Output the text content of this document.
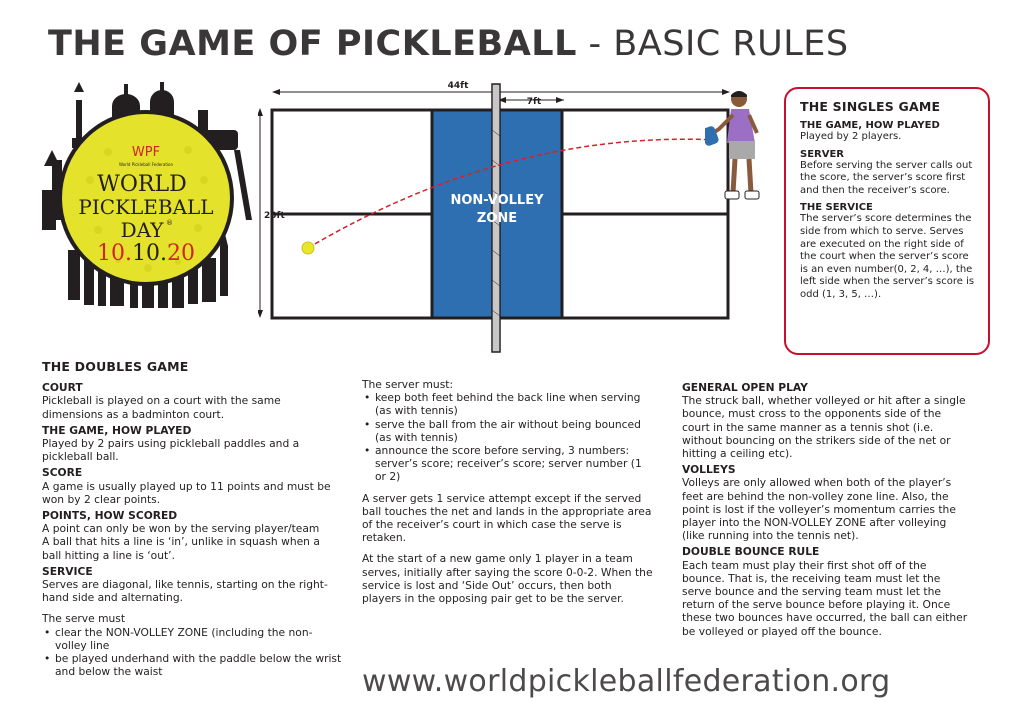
THE GAME OF PICKLEBALL - BASIC RULES
WPF
World Pickleball Federation
WORLD
PICKLEBALL
DAY ®
10.10.20
44ft
7ft
20ft
NON-VOLLEY
ZONE
THE SINGLES GAME
THE GAME, HOW PLAYED

Played by 2 players.

SERVER

Before serving the server calls out the score, the server’s score first and then the receiver’s score.

THE SERVICE

The server’s score determines the side from which to serve. Serves are executed on the right side of the court when the server’s score is an even number(0, 2, 4, …), the left side when the server’s score is odd (1, 3, 5, …).

THE DOUBLES GAME
COURT

Pickleball is played on a court with the same dimensions as a badminton court.

THE GAME, HOW PLAYED

Played by 2 pairs using pickleball paddles and a pickleball ball.

SCORE

A game is usually played up to 11 points and must be won by 2 clear points.

POINTS, HOW SCORED

A point can only be won by the serving player/team

A ball that hits a line is ‘in’, unlike in squash when a ball hitting a line is ‘out’.

SERVICE

Serves are diagonal, like tennis, starting on the right-hand side and alternating.

The serve must

• clear the NON-VOLLEY ZONE (including the non-volley line
• be played underhand with the paddle below the wrist and below the waist

The server must:

• keep both feet behind the back line when serving (as with tennis)
• serve the ball from the air without being bounced (as with tennis)
• announce the score before serving, 3 numbers: server’s score; receiver’s score; server number (1 or 2)

A server gets 1 service attempt except if the served ball touches the net and lands in the appropriate area of the receiver’s court in which case the serve is retaken.

At the start of a new game only 1 player in a team serves, initially after saying the score 0-0-2. When the service is lost and ‘Side Out’ occurs, then both players in the opposing pair get to be the server.

GENERAL OPEN PLAY

The struck ball, whether volleyed or hit after a single bounce, must cross to the opponents side of the court in the same manner as a tennis shot (i.e. without bouncing on the strikers side of the net or hitting a ceiling etc).

VOLLEYS

Volleys are only allowed when both of the player’s feet are behind the non-volley zone line. Also, the point is lost if the volleyer’s momentum carries the player into the NON-VOLLEY ZONE after volleying (like running into the tennis net).

DOUBLE BOUNCE RULE

Each team must play their first shot off of the bounce. That is, the receiving team must let the serve bounce and the serving team must let the return of the serve bounce before playing it. Once these two bounces have occurred, the ball can either be volleyed or played off the bounce.

www.worldpickleballfederation.org
